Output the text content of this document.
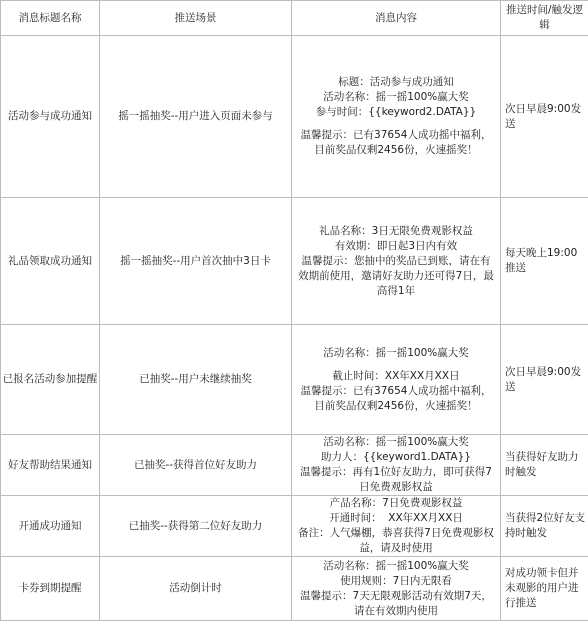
消息标题名称	推送场景	消息内容	推送时间/触发逻辑
活动参与成功通知	摇一摇抽奖--用户进入页面未参与	标题：活动参与成功通知
活动名称：摇一摇100%赢大奖
参与时间：{{keyword2.DATA}}
温馨提示：已有37654人成功摇中福利，目前奖品仅剩2456份，火速摇奖！	次日早晨9:00发送
礼品领取成功通知	摇一摇抽奖--用户首次抽中3日卡	礼品名称：3日无限免费观影权益
有效期：即日起3日内有效
温馨提示：您抽中的奖品已到账，请在有效期前使用，邀请好友助力还可得7日，最高得1年	每天晚上19:00推送
已报名活动参加提醒	已抽奖--用户未继续抽奖	活动名称：摇一摇100%赢大奖
截止时间：XX年XX月XX日
温馨提示：已有37654人成功摇中福利，目前奖品仅剩2456份，火速摇奖！	次日早晨9:00发送
好友帮助结果通知	已抽奖--获得首位好友助力	活动名称：摇一摇100%赢大奖
助力人：{{keyword1.DATA}}
温馨提示：再有1位好友助力，即可获得7日免费观影权益	当获得好友助力时触发
开通成功通知	已抽奖--获得第二位好友助力	产品名称：7日免费观影权益
开通时间：  XX年XX月XX日
备注：人气爆棚，恭喜获得7日免费观影权益，请及时使用	当获得2位好友支持时触发
卡券到期提醒	活动倒计时	活动名称：摇一摇100%赢大奖
使用规则：7日内无限看
温馨提示：7天无限观影活动有效期7天，请在有效期内使用	对成功领卡但并未观影的用户进行推送
